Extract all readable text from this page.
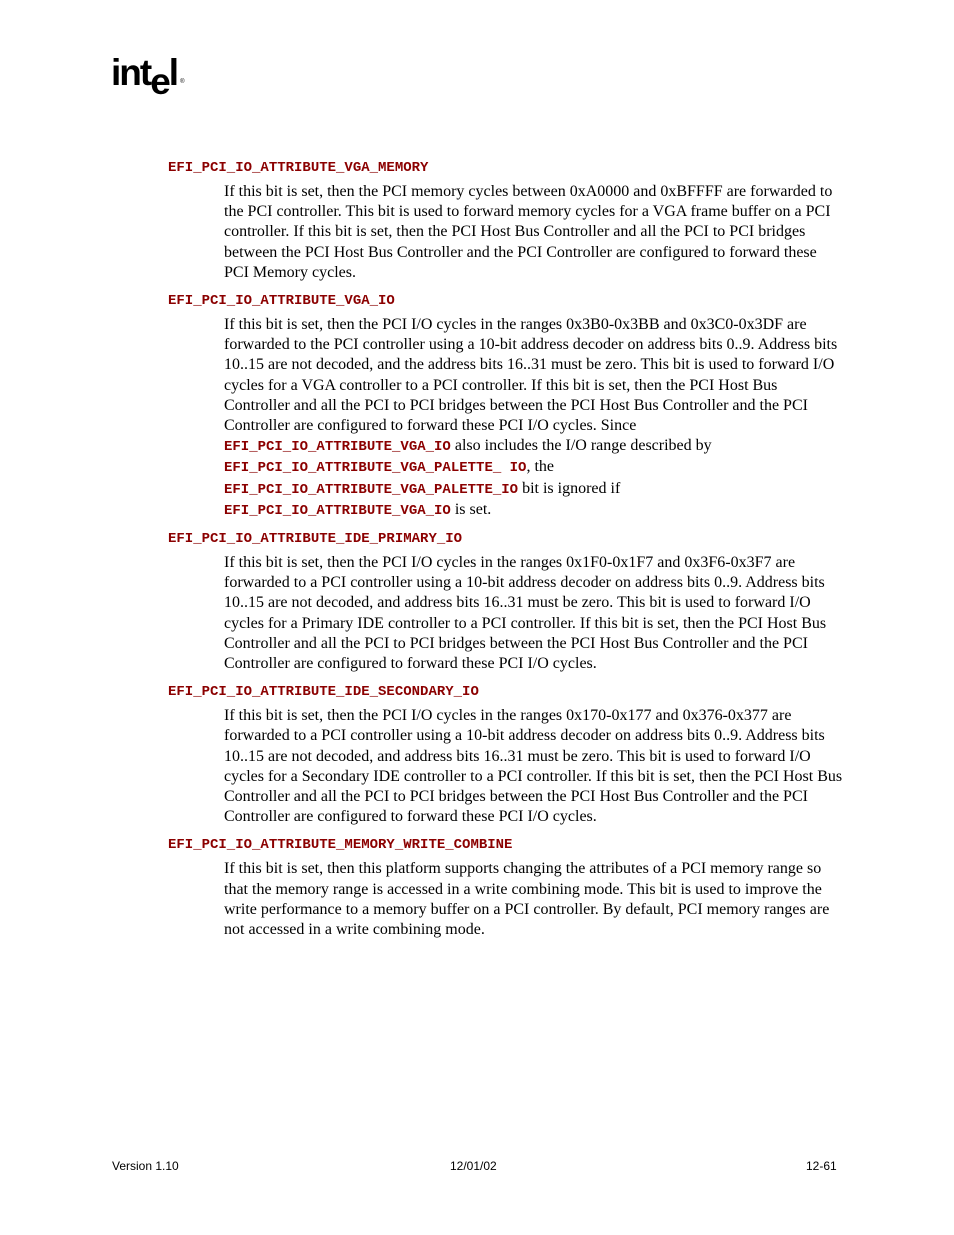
intel ®
EFI_PCI_IO_ATTRIBUTE_VGA_MEMORY

If this bit is set, then the PCI memory cycles between 0xA0000 and 0xBFFFF are forwarded to the PCI controller. This bit is used to forward memory cycles for a VGA frame buffer on a PCI controller. If this bit is set, then the PCI Host Bus Controller and all the PCI to PCI bridges between the PCI Host Bus Controller and the PCI Controller are configured to forward these PCI Memory cycles.

EFI_PCI_IO_ATTRIBUTE_VGA_IO

If this bit is set, then the PCI I/O cycles in the ranges 0x3B0-0x3BB and 0x3C0-0x3DF are forwarded to the PCI controller using a 10-bit address decoder on address bits 0..9. Address bits 10..15 are not decoded, and the address bits 16..31 must be zero. This bit is used to forward I/O cycles for a VGA controller to a PCI controller. If this bit is set, then the PCI Host Bus Controller and all the PCI to PCI bridges between the PCI Host Bus Controller and the PCI Controller are configured to forward these PCI I/O cycles. Since
EFI_PCI_IO_ATTRIBUTE_VGA_IO also includes the I/O range described by
EFI_PCI_IO_ATTRIBUTE_VGA_PALETTE_ IO, the
EFI_PCI_IO_ATTRIBUTE_VGA_PALETTE_IO bit is ignored if
EFI_PCI_IO_ATTRIBUTE_VGA_IO is set.

EFI_PCI_IO_ATTRIBUTE_IDE_PRIMARY_IO

If this bit is set, then the PCI I/O cycles in the ranges 0x1F0-0x1F7 and 0x3F6-0x3F7 are forwarded to a PCI controller using a 10-bit address decoder on address bits 0..9. Address bits 10..15 are not decoded, and address bits 16..31 must be zero. This bit is used to forward I/O cycles for a Primary IDE controller to a PCI controller. If this bit is set, then the PCI Host Bus Controller and all the PCI to PCI bridges between the PCI Host Bus Controller and the PCI Controller are configured to forward these PCI I/O cycles.

EFI_PCI_IO_ATTRIBUTE_IDE_SECONDARY_IO

If this bit is set, then the PCI I/O cycles in the ranges 0x170-0x177 and 0x376-0x377 are forwarded to a PCI controller using a 10-bit address decoder on address bits 0..9. Address bits 10..15 are not decoded, and address bits 16..31 must be zero. This bit is used to forward I/O cycles for a Secondary IDE controller to a PCI controller. If this bit is set, then the PCI Host Bus Controller and all the PCI to PCI bridges between the PCI Host Bus Controller and the PCI Controller are configured to forward these PCI I/O cycles.

EFI_PCI_IO_ATTRIBUTE_MEMORY_WRITE_COMBINE

If this bit is set, then this platform supports changing the attributes of a PCI memory range so that the memory range is accessed in a write combining mode. This bit is used to improve the write performance to a memory buffer on a PCI controller. By default, PCI memory ranges are not accessed in a write combining mode.

Version 1.10	12/01/02	12-61
